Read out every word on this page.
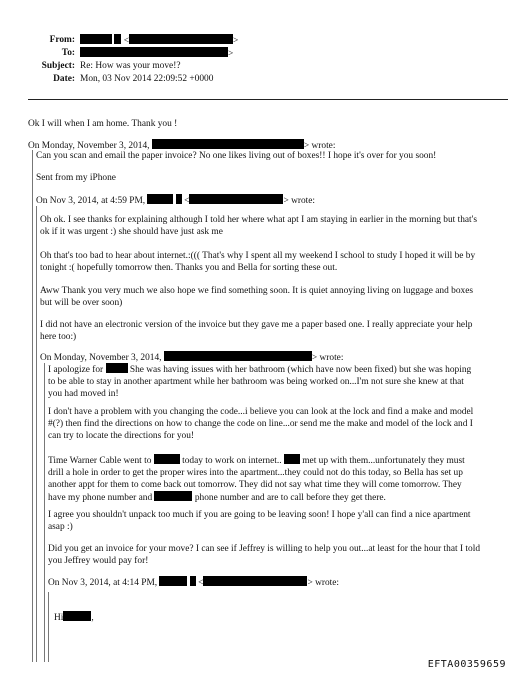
From:	<	>
To:	>
Subject: Re: How was your move!?
Date: Mon, 03 Nov 2014 22:09:52 +0000

Ok I will when I am home. Thank you !

On Monday, November 3, 2014,	> wrote:

Can you scan and email the paper invoice? No one likes living out of boxes!! I hope it's over for you soon!

Sent from my iPhone

On Nov 3, 2014, at 4:59 PM,	<	> wrote:

Oh ok. I see thanks for explaining although I told her where what apt I am staying in earlier in the morning but that's ok if it was urgent :) she should have just ask me

Oh that's too bad to hear about internet.:((( That's why I spent all my weekend I school to study I hoped it will be by tonight :( hopefully tomorrow then. Thanks you and Bella for sorting these out.

Aww Thank you very much we also hope we find something soon. It is quiet annoying living on luggage and boxes but will be over soon)

I did not have an electronic version of the invoice but they gave me a paper based one. I really appreciate your help here too:)

On Monday, November 3, 2014,	> wrote:

I apologize for	She was having issues with her bathroom (which have now been fixed) but she was hoping to be able to stay in another apartment while her bathroom was being worked on...I'm not sure she knew at that you had moved in!

I don't have a problem with you changing the code...i believe you can look at the lock and find a make and model #(?) then find the directions on how to change the code on line...or send me the make and model of the lock and I can try to locate the directions for you!

Time Warner Cable went to	today to work on internet.. met up with them...unfortunately they must drill a hole in order to get the proper wires into the apartment...they could not do this today, so Bella has set up another appt for them to come back out tomorrow. They did not say what time they will come tomorrow. They have my phone number and	phone number and are to call before they get there.

I agree you shouldn't unpack too much if you are going to be leaving soon! I hope y'all can find a nice apartment asap :)

Did you get an invoice for your move? I can see if Jeffrey is willing to help you out...at least for the hour that I told you Jeffrey would pay for!

On Nov 3, 2014, at 4:14 PM,	<	> wrote:

Hi	,

EFTA00359659
